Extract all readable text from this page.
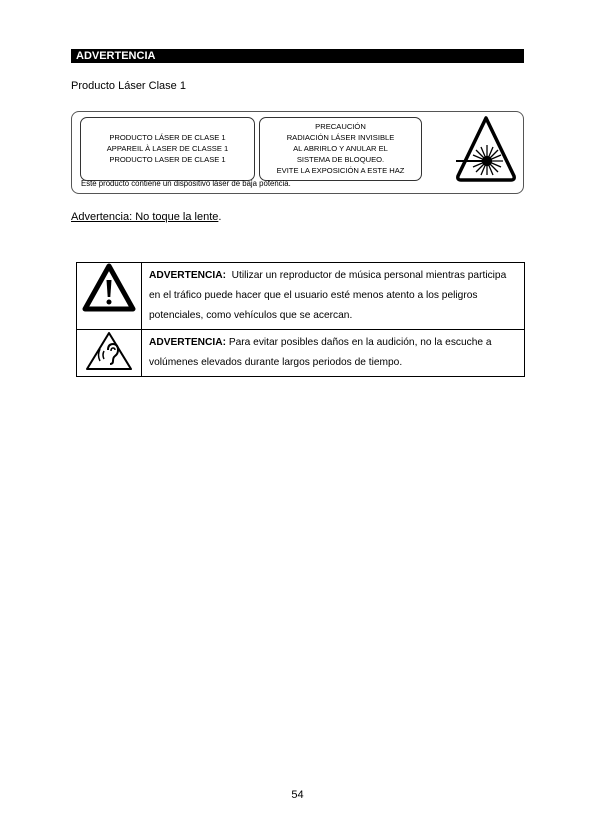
ADVERTENCIA
Producto Láser Clase 1
PRODUCTO LÁSER DE CLASE 1
APPAREIL À LASER DE CLASSE 1
PRODUCTO LASER DE CLASE 1
PRECAUCIÓN
RADIACIÓN LÁSER INVISIBLE
AL ABRIRLO Y ANULAR EL
SISTEMA DE BLOQUEO.
EVITE LA EXPOSICIÓN A ESTE HAZ
Este producto contiene un dispositivo láser de baja potencia.
Advertencia: No toque la lente.
	ADVERTENCIA:  Utilizar un reproductor de música personal mientras participa en el tráfico puede hacer que el usuario esté menos atento a los peligros potenciales, como vehículos que se acercan.
	ADVERTENCIA: Para evitar posibles daños en la audición, no la escuche a volúmenes elevados durante largos periodos de tiempo.
54
